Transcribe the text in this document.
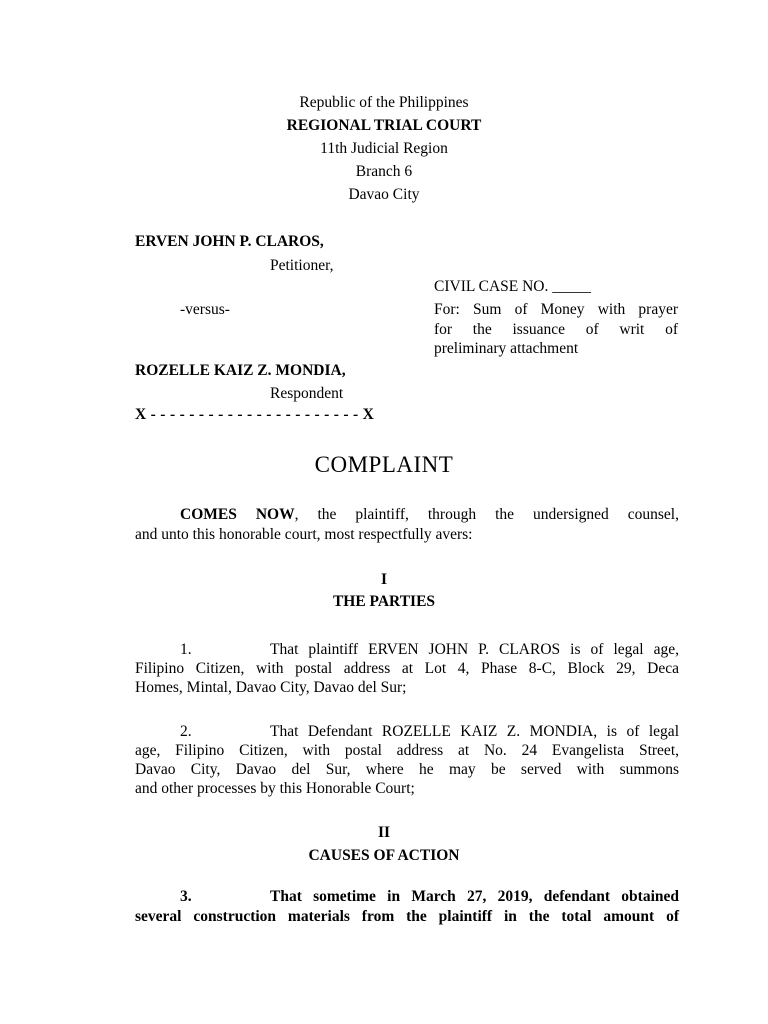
Republic of the Philippines
REGIONAL TRIAL COURT
11th Judicial Region
Branch 6
Davao City
ERVEN JOHN P. CLAROS,
Petitioner,
-versus-
ROZELLE KAIZ Z. MONDIA,
Respondent
X - - - - - - - - - - - - - - - - - - - - - - X
CIVIL CASE NO. _____
For: Sum of Money with prayer
for the issuance of writ of
preliminary attachment
COMPLAINT
COMES NOW, the plaintiff, through the undersigned counsel,
and unto this honorable court, most respectfully avers:
I
THE PARTIES
1.	That plaintiff ERVEN JOHN P. CLAROS is of legal age,
Filipino Citizen, with postal address at Lot 4, Phase 8-C, Block 29, Deca
Homes, Mintal, Davao City, Davao del Sur;
2.	That Defendant ROZELLE KAIZ Z. MONDIA, is of legal
age, Filipino Citizen, with postal address at No. 24 Evangelista Street,
Davao City, Davao del Sur, where he may be served with summons
and other processes by this Honorable Court;
II
CAUSES OF ACTION
3.	That sometime in March 27, 2019, defendant obtained
several construction materials from the plaintiff in the total amount of
